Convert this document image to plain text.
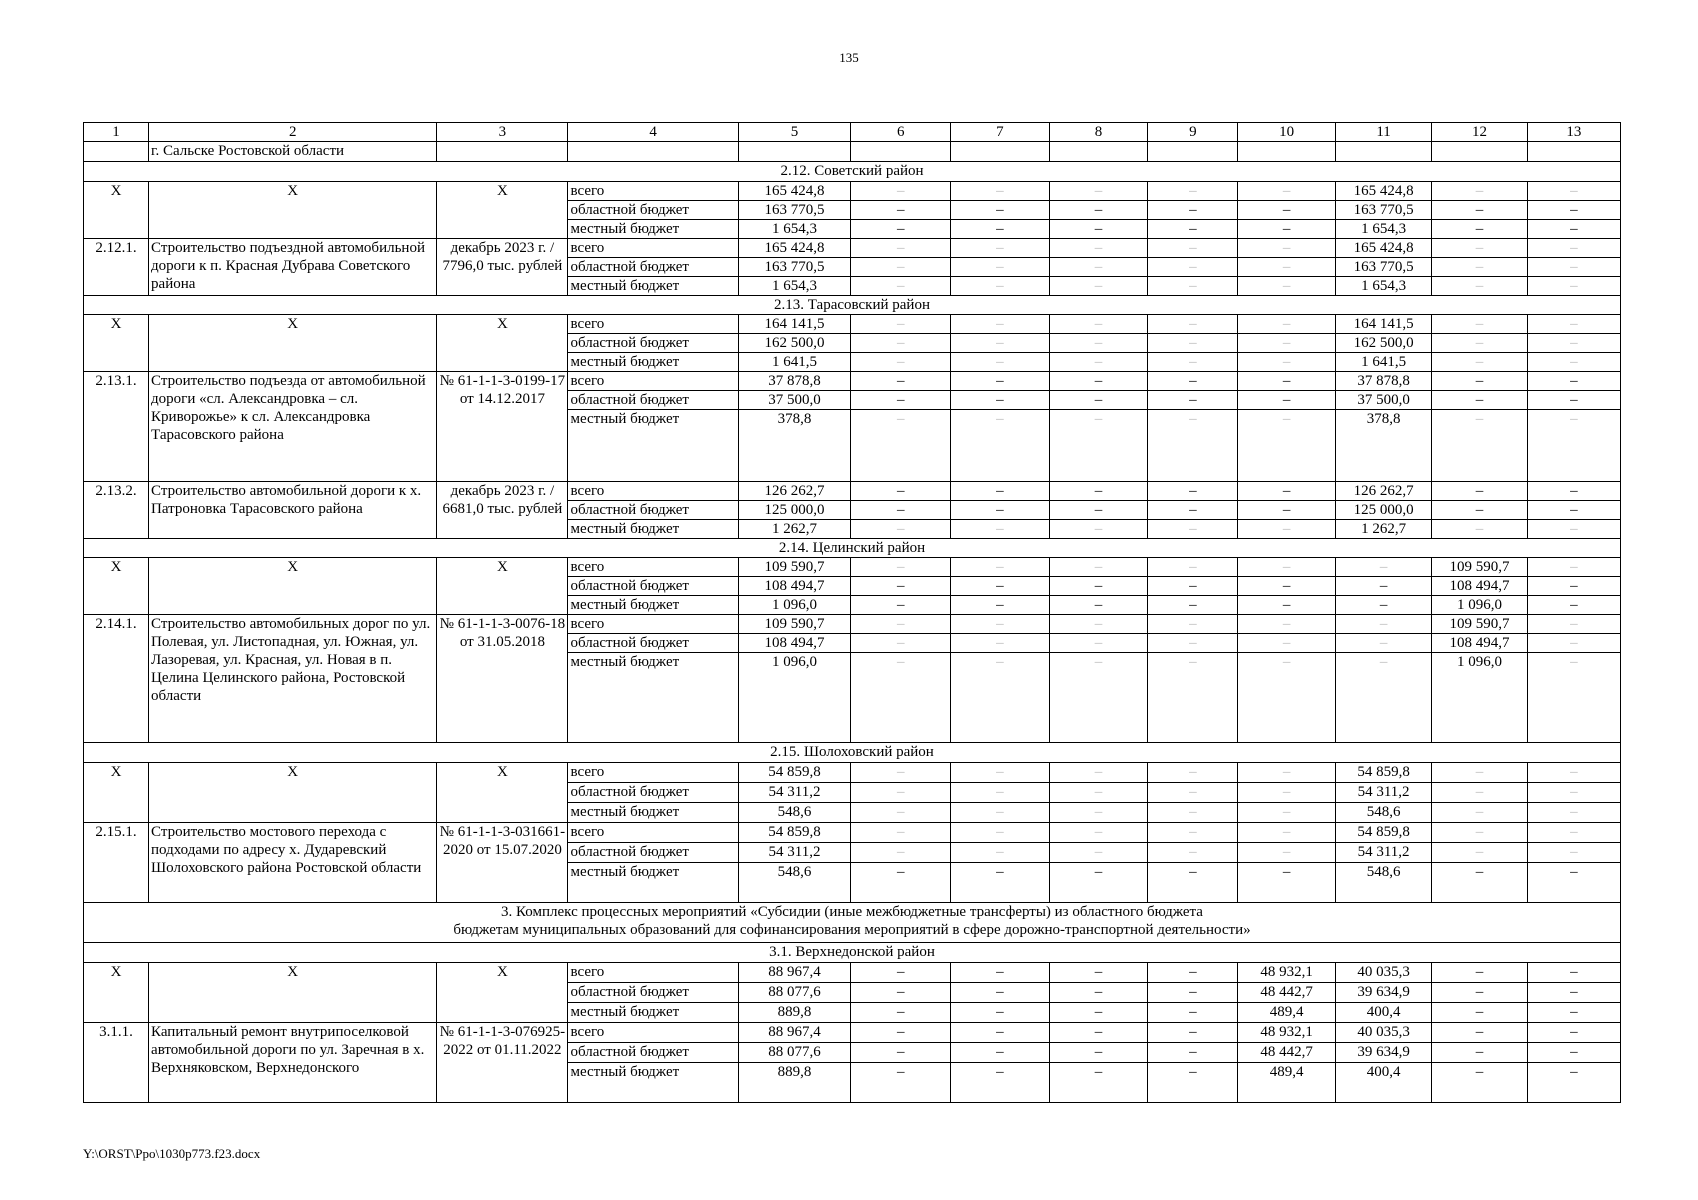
135
1	2	3	4	5	6	7	8	9	10	11	12	13
	г. Сальске Ростовской области											
2.12. Советский район												
Х	Х	Х	всего	165 424,8	–	–	–	–	–	165 424,8	–	–
			областной бюджет	163 770,5	–	–	–	–	–	163 770,5	–	–
			местный бюджет	1 654,3	–	–	–	–	–	1 654,3	–	–
2.12.1.	Строительство подъездной автомобильной дороги к п. Красная Дубрава Советского района	декабрь 2023 г. / 7796,0 тыс. рублей	всего	165 424,8	–	–	–	–	–	165 424,8	–	–
			областной бюджет	163 770,5	–	–	–	–	–	163 770,5	–	–
			местный бюджет	1 654,3	–	–	–	–	–	1 654,3	–	–
2.13. Тарасовский район												
Х	Х	Х	всего	164 141,5	–	–	–	–	–	164 141,5	–	–
			областной бюджет	162 500,0	–	–	–	–	–	162 500,0	–	–
			местный бюджет	1 641,5	–	–	–	–	–	1 641,5	–	–
2.13.1.	Строительство подъезда от автомобильной дороги «сл. Александровка – сл. Криворожье» к сл. Александровка Тарасовского района	№ 61-1-1-3-0199-17 от 14.12.2017	всего	37 878,8	–	–	–	–	–	37 878,8	–	–
			областной бюджет	37 500,0	–	–	–	–	–	37 500,0	–	–
			местный бюджет	378,8	–	–	–	–	–	378,8	–	–
2.13.2.	Строительство автомобильной дороги к х. Патроновка Тарасовского района	декабрь 2023 г. / 6681,0 тыс. рублей	всего	126 262,7	–	–	–	–	–	126 262,7	–	–
			областной бюджет	125 000,0	–	–	–	–	–	125 000,0	–	–
			местный бюджет	1 262,7	–	–	–	–	–	1 262,7	–	–
2.14. Целинский район												
Х	Х	Х	всего	109 590,7	–	–	–	–	–	–	109 590,7	–
			областной бюджет	108 494,7	–	–	–	–	–	–	108 494,7	–
			местный бюджет	1 096,0	–	–	–	–	–	–	1 096,0	–
2.14.1.	Строительство автомобильных дорог по ул. Полевая, ул. Листопадная, ул. Южная, ул. Лазоревая, ул. Красная, ул. Новая в п. Целина Целинского района, Ростовской области	№ 61-1-1-3-0076-18 от 31.05.2018	всего	109 590,7	–	–	–	–	–	–	109 590,7	–
			областной бюджет	108 494,7	–	–	–	–	–	–	108 494,7	–
			местный бюджет	1 096,0	–	–	–	–	–	–	1 096,0	–
2.15. Шолоховский район												
Х	Х	Х	всего	54 859,8	–	–	–	–	–	54 859,8	–	–
			областной бюджет	54 311,2	–	–	–	–	–	54 311,2	–	–
			местный бюджет	548,6	–	–	–	–	–	548,6	–	–
2.15.1.	Строительство мостового перехода с подходами по адресу х. Дударевский Шолоховского района Ростовской области	№ 61-1-1-3-031661-2020 от 15.07.2020	всего	54 859,8	–	–	–	–	–	54 859,8	–	–
			областной бюджет	54 311,2	–	–	–	–	–	54 311,2	–	–
			местный бюджет	548,6	–	–	–	–	–	548,6	–	–

3. Комплекс процессных мероприятий «Субсидии (иные межбюджетные трансферты) из областного бюджета
бюджетам муниципальных образований для софинансирования мероприятий в сфере дорожно-транспортной деятельности»												

3.1. Верхнедонской район												
Х	Х	Х	всего	88 967,4	–	–	–	–	48 932,1	40 035,3	–	–
			областной бюджет	88 077,6	–	–	–	–	48 442,7	39 634,9	–	–
			местный бюджет	889,8	–	–	–	–	489,4	400,4	–	–
3.1.1.	Капитальный ремонт внутрипоселковой автомобильной дороги по ул. Заречная в х. Верхняковском, Верхнедонского	№ 61-1-1-3-076925-2022 от 01.11.2022	всего	88 967,4	–	–	–	–	48 932,1	40 035,3	–	–
			областной бюджет	88 077,6	–	–	–	–	48 442,7	39 634,9	–	–
			местный бюджет	889,8	–	–	–	–	489,4	400,4	–	–
Y:\ORST\Ppo\1030p773.f23.docx
